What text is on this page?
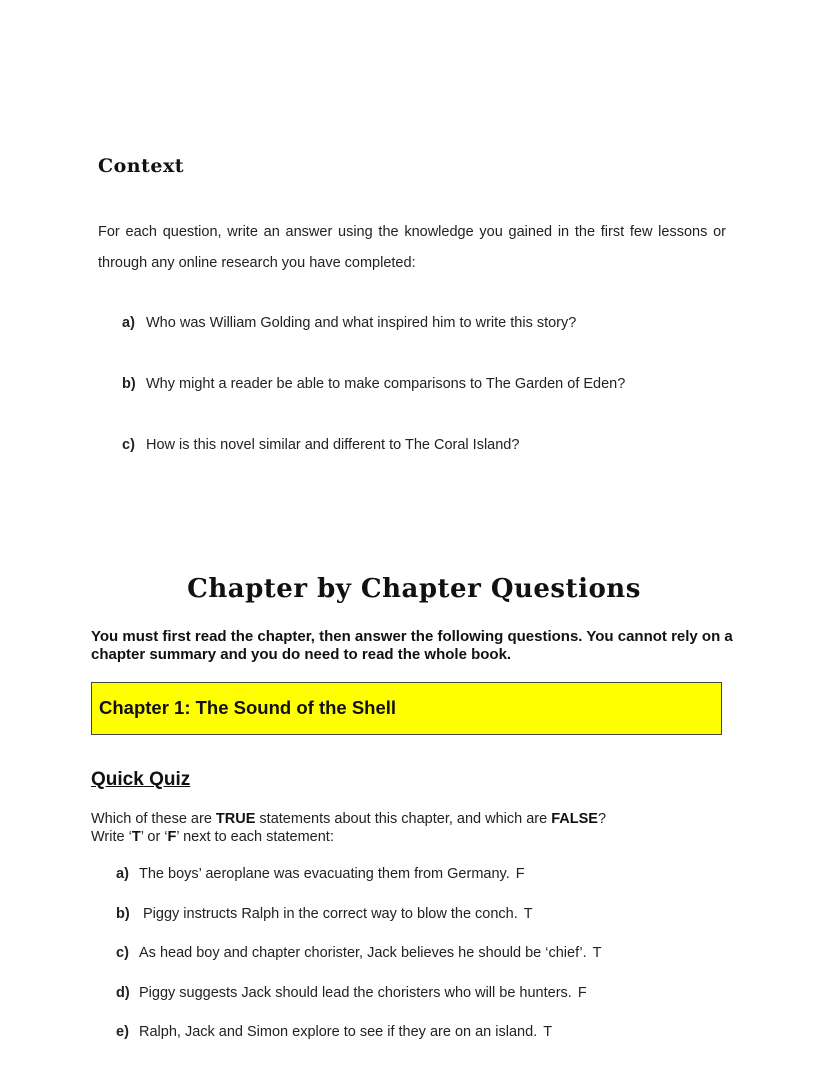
Context
For each question, write an answer using the knowledge you gained in the first few lessons or
through any online research you have completed:
a) Who was William Golding and what inspired him to write this story?
b) Why might a reader be able to make comparisons to The Garden of Eden?
c) How is this novel similar and different to The Coral Island?
Chapter by Chapter Questions
You must first read the chapter, then answer the following questions. You cannot rely on a chapter summary and you do need to read the whole book.
Chapter 1: The Sound of the Shell
Quick Quiz
Which of these are TRUE statements about this chapter, and which are FALSE?
Write ‘T’ or ‘F’ next to each statement:
a) The boys’ aeroplane was evacuating them from Germany. F
b) Piggy instructs Ralph in the correct way to blow the conch. T
c) As head boy and chapter chorister, Jack believes he should be ‘chief’. T
d) Piggy suggests Jack should lead the choristers who will be hunters. F
e) Ralph, Jack and Simon explore to see if they are on an island. T
